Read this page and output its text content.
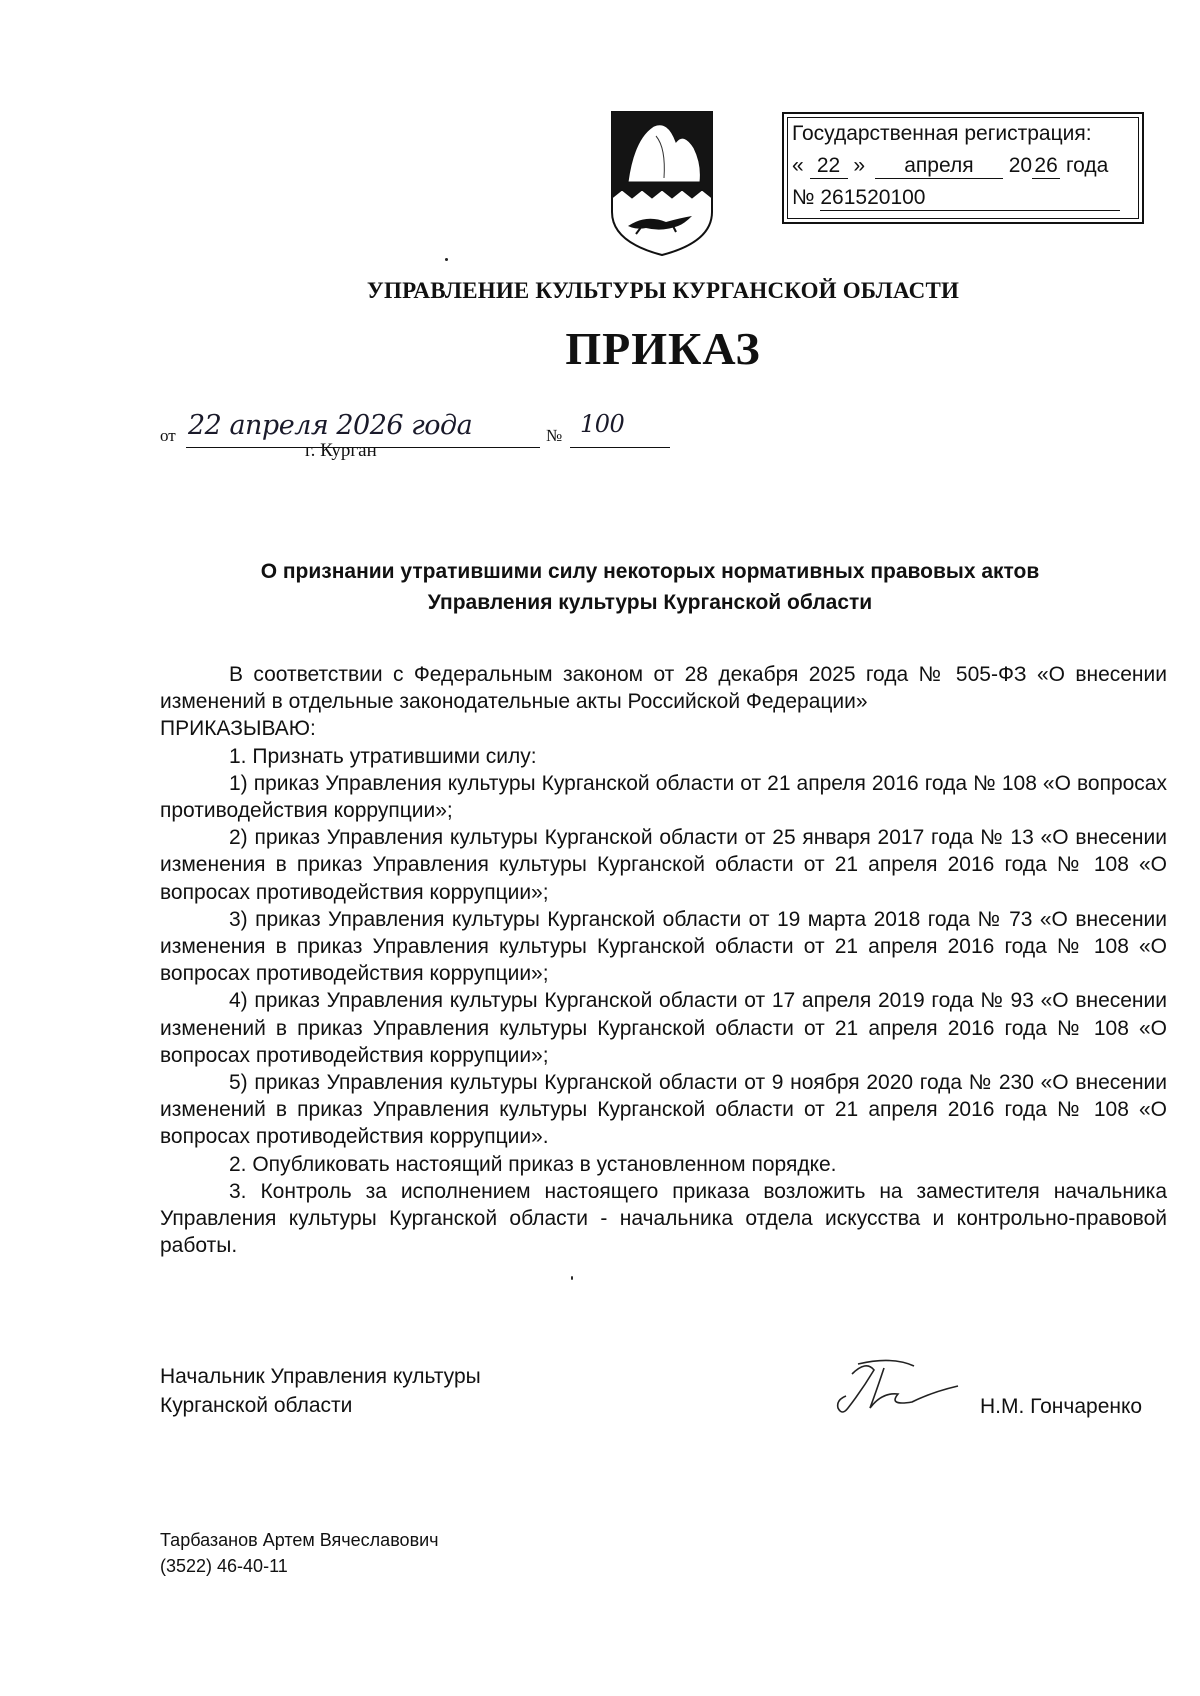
Государственная регистрация:
« 22 » апреля 20 26 года
№ 261520100
УПРАВЛЕНИЕ КУЛЬТУРЫ КУРГАНСКОЙ ОБЛАСТИ
ПРИКАЗ
от 22 апреля 2026 года	№ 100
г. Курган
О признании утратившими силу некоторых нормативных правовых актов
Управления культуры Курганской области
В соответствии с Федеральным законом от 28 декабря 2025 года № 505-ФЗ «О внесении изменений в отдельные законодательные акты Российской Федерации»
ПРИКАЗЫВАЮ:
1. Признать утратившими силу:
1) приказ Управления культуры Курганской области от 21 апреля 2016 года № 108 «О вопросах противодействия коррупции»;
2) приказ Управления культуры Курганской области от 25 января 2017 года № 13 «О внесении изменения в приказ Управления культуры Курганской области от 21 апреля 2016 года № 108 «О вопросах противодействия коррупции»;
3) приказ Управления культуры Курганской области от 19 марта 2018 года № 73 «О внесении изменения в приказ Управления культуры Курганской области от 21 апреля 2016 года № 108 «О вопросах противодействия коррупции»;
4) приказ Управления культуры Курганской области от 17 апреля 2019 года № 93 «О внесении изменений в приказ Управления культуры Курганской области от 21 апреля 2016 года № 108 «О вопросах противодействия коррупции»;
5) приказ Управления культуры Курганской области от 9 ноября 2020 года № 230 «О внесении изменений в приказ Управления культуры Курганской области от 21 апреля 2016 года № 108 «О вопросах противодействия коррупции».
2. Опубликовать настоящий приказ в установленном порядке.
3. Контроль за исполнением настоящего приказа возложить на заместителя начальника Управления культуры Курганской области - начальника отдела искусства и контрольно-правовой работы.
Начальник Управления культуры
Курганской области	Н.М. Гончаренко
Тарбазанов Артем Вячеславович
(3522) 46-40-11
